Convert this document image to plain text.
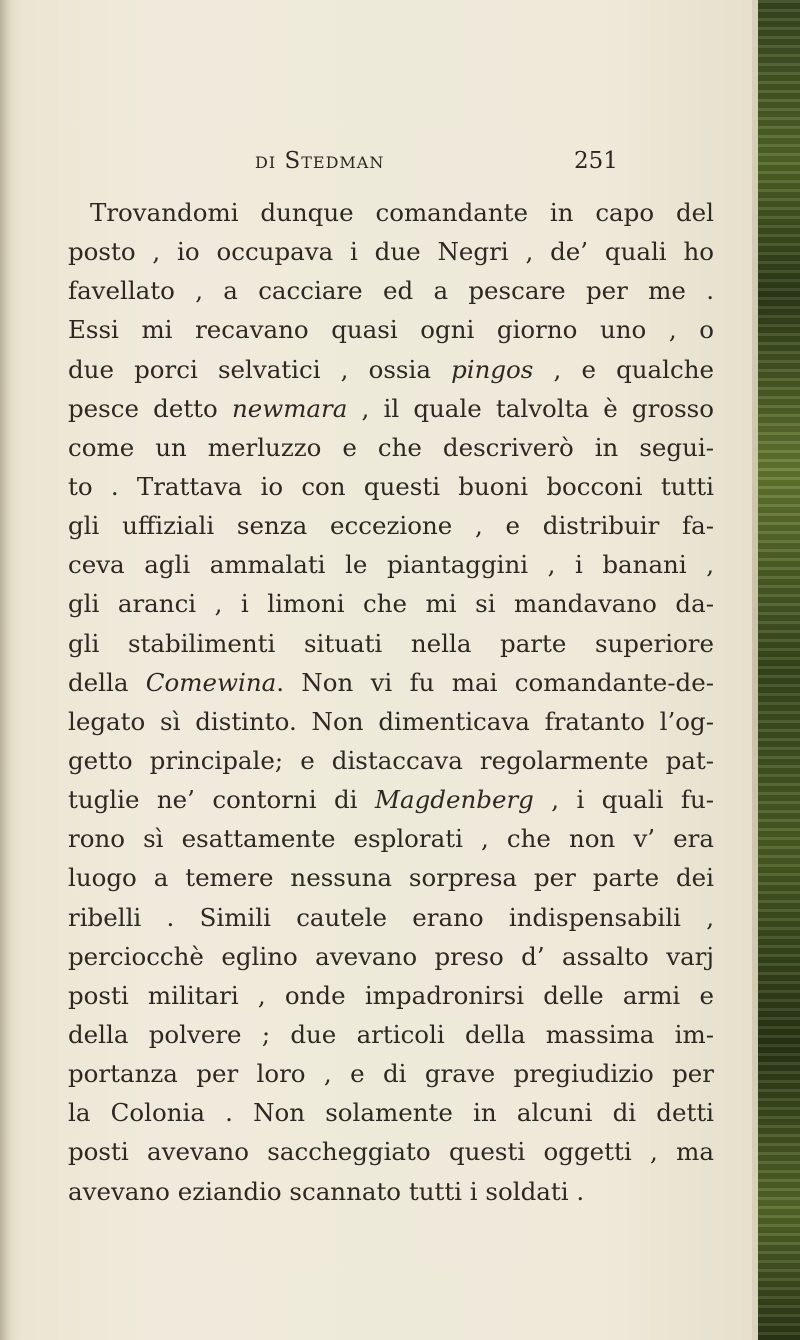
di Stedman	251
Trovandomi dunque comandante in capo del
posto , io occupava i due Negri , de’ quali ho
favellato , a cacciare ed a pescare per me .
Essi mi recavano quasi ogni giorno uno , o
due porci selvatici , ossia pingos , e qualche
pesce detto newmara , il quale talvolta è grosso
come un merluzzo e che descriverò in segui-
to . Trattava io con questi buoni bocconi tutti
gli uffiziali senza eccezione , e distribuir fa-
ceva agli ammalati le piantaggini , i banani ,
gli aranci , i limoni che mi si mandavano da-
gli stabilimenti situati nella parte superiore
della Comewina. Non vi fu mai comandante-de-
legato sì distinto. Non dimenticava fratanto l’og-
getto principale; e distaccava regolarmente pat-
tuglie ne’ contorni di Magdenberg , i quali fu-
rono sì esattamente esplorati , che non v’ era
luogo a temere nessuna sorpresa per parte dei
ribelli . Simili cautele erano indispensabili ,
perciocchè eglino avevano preso d’ assalto varj
posti militari , onde impadronirsi delle armi e
della polvere ; due articoli della massima im-
portanza per loro , e di grave pregiudizio per
la Colonia . Non solamente in alcuni di detti
posti avevano saccheggiato questi oggetti , ma
avevano eziandio scannato tutti i soldati .
